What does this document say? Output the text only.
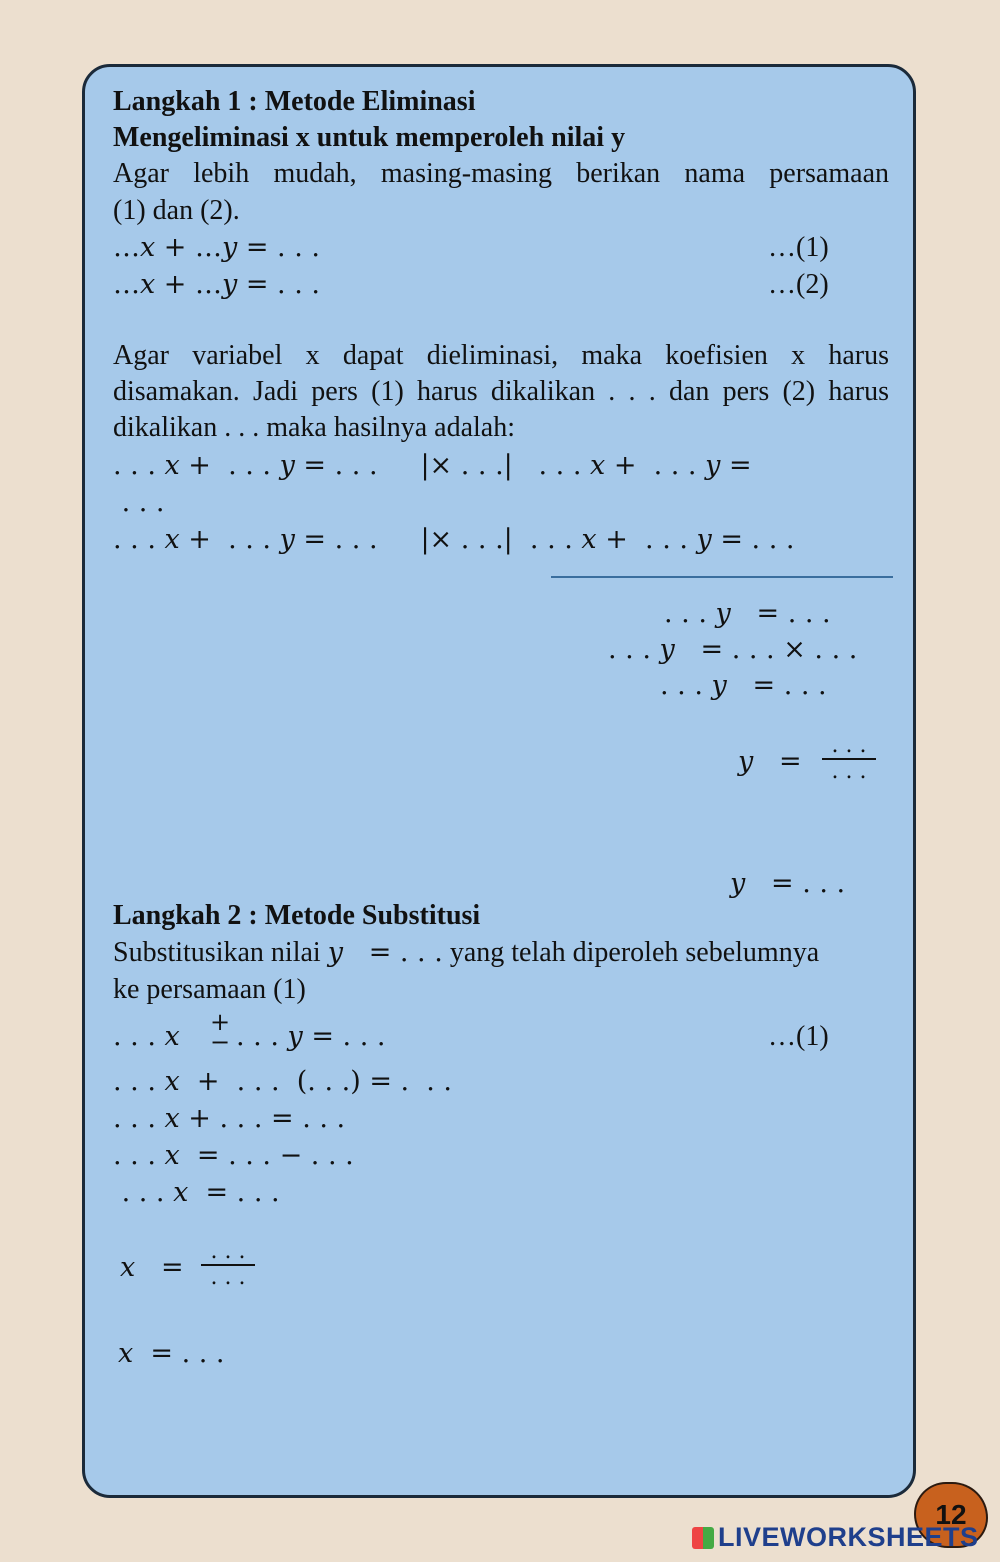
Langkah 1 : Metode Eliminasi
Mengeliminasi x untuk memperoleh nilai y
Agar lebih mudah, masing-masing berikan nama persamaan
(1) dan (2).
…𝑥 + …𝑦 = . . .	…(1)
…𝑥 + …𝑦 = . . .	…(2)
Agar variabel x dapat dieliminasi, maka koefisien x harus
disamakan. Jadi pers (1) harus dikalikan . . . dan pers (2) harus
dikalikan . . . maka hasilnya adalah:
. . . 𝑥 +  . . . 𝑦 = . . .     |× . . .|   . . . 𝑥 +  . . . 𝑦 =
. . .
. . . 𝑥 +  . . . 𝑦 = . . .     |× . . .|  . . . 𝑥 +  . . . 𝑦 = . . .
. . . 𝑦   = . . .
. . . 𝑦   = . . . × . . .
. . . 𝑦   = . . .
𝑦   =
. . .
. . .
𝑦   = . . .
Langkah 2 : Metode Substitusi
Substitusikan nilai 𝑦   = . . . yang telah diperoleh sebelumnya
ke persamaan (1)
. . . 𝑥 +
− . . . 𝑦 = . . .	…(1)
. . . 𝑥  +  . . .  (. . .) = .  . .
. . . 𝑥 + . . . = . . .
. . . 𝑥  = . . . − . . .
. . . 𝑥  = . . .
𝑥   =
. . .
. . .
𝑥  = . . .
12
LIVEWORKSHEETS
